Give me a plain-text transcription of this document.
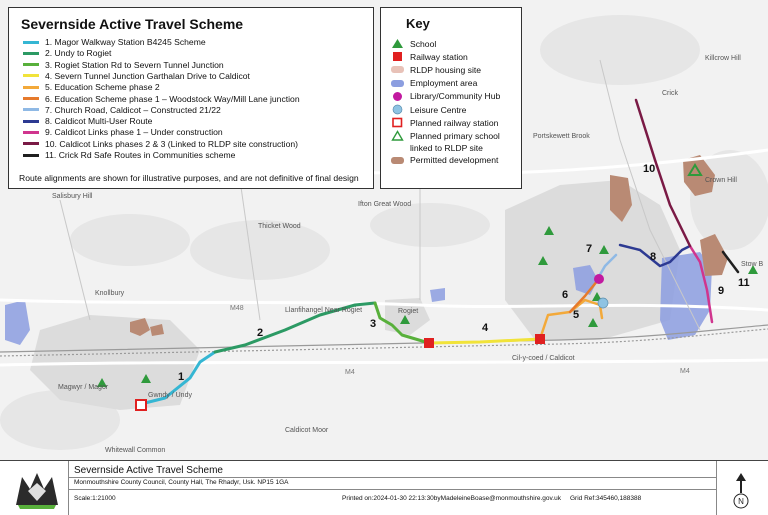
Salisbury Hill
Thicket Wood
Ifton Great Wood
Knollbury
Llanfihangel Near Rogiet	Rogiet
Gwndy / Undy
Magwyr / Magor
Whitewall Common
Caldicot Moor
Cil-y-coed / Caldicot
Crick
Crown Hill
Killcrow Hill
Stow B
Portskewett Brook
M48
M4	M4
1
2
3	4
5
6
7
8
9
10
11
Severnside Active Travel Scheme
1. Magor Walkway Station B4245 Scheme
2. Undy to Rogiet
3. Rogiet Station Rd to Severn Tunnel Junction
4. Severn Tunnel Junction Garthalan Drive to Caldicot
5. Education Scheme phase 2
6. Education Scheme phase 1 – Woodstock Way/Mill Lane junction
7. Church Road, Caldicot – Constructed 21/22
8. Caldicot Multi-User Route
9. Caldicot Links phase 1 – Under construction
10. Caldicot Links phases 2 & 3 (Linked to RLDP site construction)
11. Crick Rd Safe Routes in Communities scheme
Route alignments are shown for illustrative purposes, and are not definitive of final design
Key
School
Railway station
RLDP housing site
Employment area
Library/Community Hub
Leisure Centre
Planned railway station
Planned primary school
linked to RLDP site
Permitted development
Severnside Active Travel Scheme
Monmouthshire County Council, County Hall, The Rhadyr, Usk. NP15 1GA
Scale:1:21000	Printed on:2024-01-30 22:13:30byMadeleineBoase@monmouthshire.gov.uk Grid Ref:345460,188388	N
